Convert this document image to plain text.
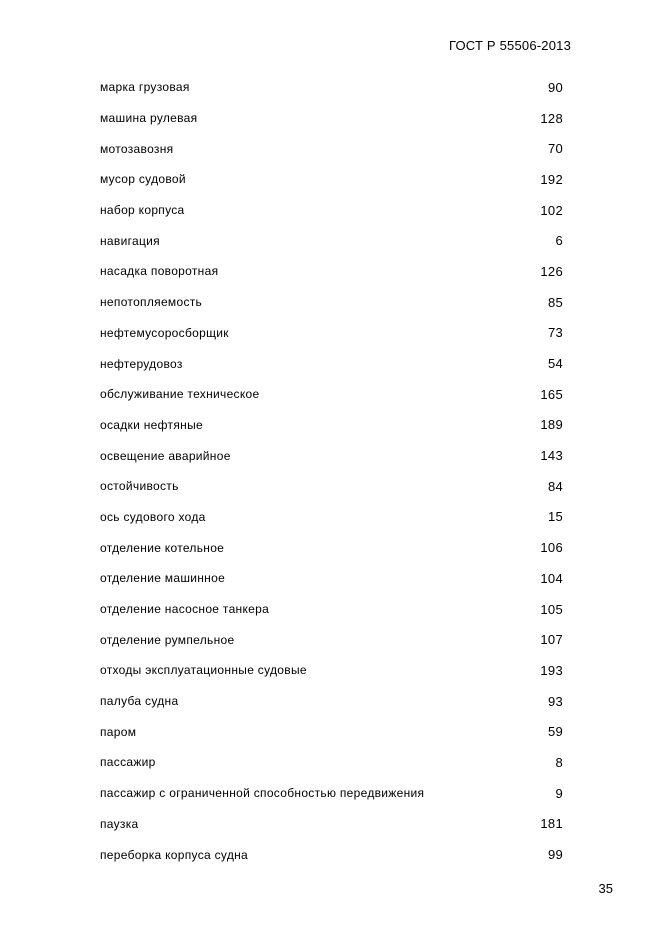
ГОСТ Р 55506-2013
марка грузовая	90
машина рулевая	128
мотозавозня	70
мусор судовой	192
набор корпуса	102
навигация	6
насадка поворотная	126
непотопляемость	85
нефтемусоросборщик	73
нефтерудовоз	54
обслуживание техническое	165
осадки нефтяные	189
освещение аварийное	143
остойчивость	84
ось судового хода	15
отделение котельное	106
отделение машинное	104
отделение насосное танкера	105
отделение румпельное	107
отходы эксплуатационные судовые	193
палуба судна	93
паром	59
пассажир	8
пассажир с ограниченной способностью передвижения	9
паузка	181
переборка корпуса судна	99
35
